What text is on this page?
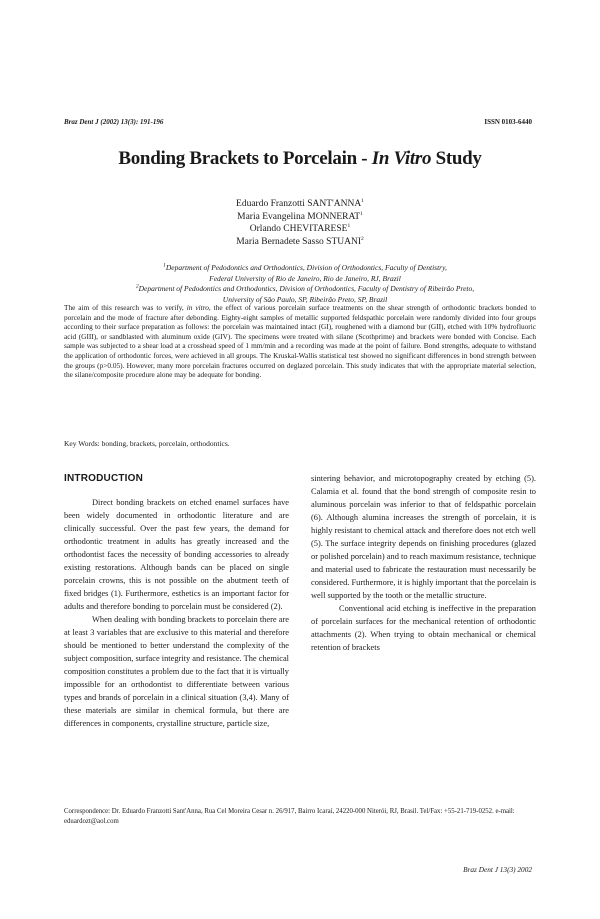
Braz Dent J (2002) 13(3): 191-196	ISSN 0103-6440
Bonding Brackets to Porcelain - In Vitro Study
Eduardo Franzotti SANT'ANNA$^1$
Maria Evangelina MONNERAT$^1$
Orlando CHEVITARESE$^1$
Maria Bernadete Sasso STUANI$^2$
$^1$Department of Pedodontics and Orthodontics, Division of Orthodontics, Faculty of Dentistry,
Federal University of Rio de Janeiro, Rio de Janeiro, RJ, Brazil
$^2$Department of Pedodontics and Orthodontics, Division of Orthodontics, Faculty of Dentistry of Ribeirão Preto,
University of São Paulo, SP, Ribeirão Preto, SP, Brazil
The aim of this research was to verify, in vitro, the effect of various porcelain surface treatments on the shear strength of orthodontic brackets bonded to porcelain and the mode of fracture after debonding. Eighty-eight samples of metallic supported feldspathic porcelain were randomly divided into four groups according to their surface preparation as follows: the porcelain was maintained intact (GI), roughened with a diamond bur (GII), etched with 10% hydrofluoric acid (GIII), or sandblasted with aluminum oxide (GIV). The specimens were treated with silane (Scothprime) and brackets were bonded with Concise. Each sample was subjected to a shear load at a crosshead speed of 1 mm/min and a recording was made at the point of failure. Bond strengths, adequate to withstand the application of orthodontic forces, were achieved in all groups. The Kruskal-Wallis statistical test showed no significant differences in bond strength between the groups (p>0.05). However, many more porcelain fractures occurred on deglazed porcelain. This study indicates that with the appropriate material selection, the silane/composite procedure alone may be adequate for bonding.
Key Words: bonding, brackets, porcelain, orthodontics.
INTRODUCTION

Direct bonding brackets on etched enamel surfaces have been widely documented in orthodontic literature and are clinically successful. Over the past few years, the demand for orthodontic treatment in adults has greatly increased and the orthodontist faces the necessity of bonding accessories to already existing restorations. Although bands can be placed on single porcelain crowns, this is not possible on the abutment teeth of fixed bridges (1). Furthermore, esthetics is an important factor for adults and therefore bonding to porcelain must be considered (2).

When dealing with bonding brackets to porcelain there are at least 3 variables that are exclusive to this material and therefore should be mentioned to better understand the complexity of the subject composition, surface integrity and resistance. The chemical composition constitutes a problem due to the fact that it is virtually impossible for an orthodontist to differentiate between various types and brands of porcelain in a clinical situation (3,4). Many of these materials are similar in chemical formula, but there are differences in components, crystalline structure, particle size,

sintering behavior, and microtopography created by etching (5). Calamia et al. found that the bond strength of composite resin to aluminous porcelain was inferior to that of feldspathic porcelain (6). Although alumina increases the strength of porcelain, it is highly resistant to chemical attack and therefore does not etch well (5). The surface integrity depends on finishing procedures (glazed or polished porcelain) and to reach maximum resistance, technique and material used to fabricate the restauration must necessarily be considered. Furthermore, it is highly important that the porcelain is well supported by the tooth or the metallic structure.

Conventional acid etching is ineffective in the preparation of porcelain surfaces for the mechanical retention of orthodontic attachments (2). When trying to obtain mechanical or chemical retention of brackets

Correspondence: Dr. Eduardo Franzotti Sant'Anna, Rua Cel Moreira Cesar n. 26/917, Bairro Icaraí, 24220-000 Niterói, RJ, Brasil. Tel/Fax: +55-21-719-0252. e-mail: eduardozt@aol.com
Braz Dent J 13(3) 2002
